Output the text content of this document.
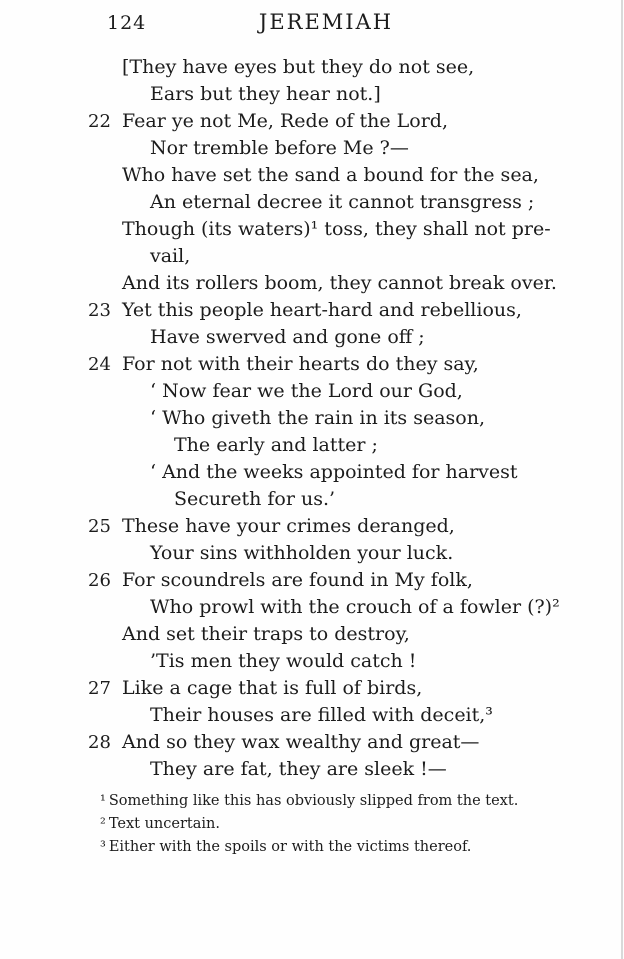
124	JEREMIAH
[They have eyes but they do not see,
Ears but they hear not.]
22 Fear ye not Me, Rede of the Lord,
Nor tremble before Me ?—
Who have set the sand a bound for the sea,
An eternal decree it cannot transgress ;
Though (its waters)¹ toss, they shall not pre-
vail,
And its rollers boom, they cannot break over.
23 Yet this people heart-hard and rebellious,
Have swerved and gone off ;
24 For not with their hearts do they say,
‘ Now fear we the Lord our God,
‘ Who giveth the rain in its season,
The early and latter ;
‘ And the weeks appointed for harvest
Secureth for us.’
25 These have your crimes deranged,
Your sins withholden your luck.
26 For scoundrels are found in My folk,
Who prowl with the crouch of a fowler (?)²
And set their traps to destroy,
’Tis men they would catch !
27 Like a cage that is full of birds,
Their houses are filled with deceit,³
28 And so they wax wealthy and great—
They are fat, they are sleek !—
¹ Something like this has obviously slipped from the text.
² Text uncertain.
³ Either with the spoils or with the victims thereof.
